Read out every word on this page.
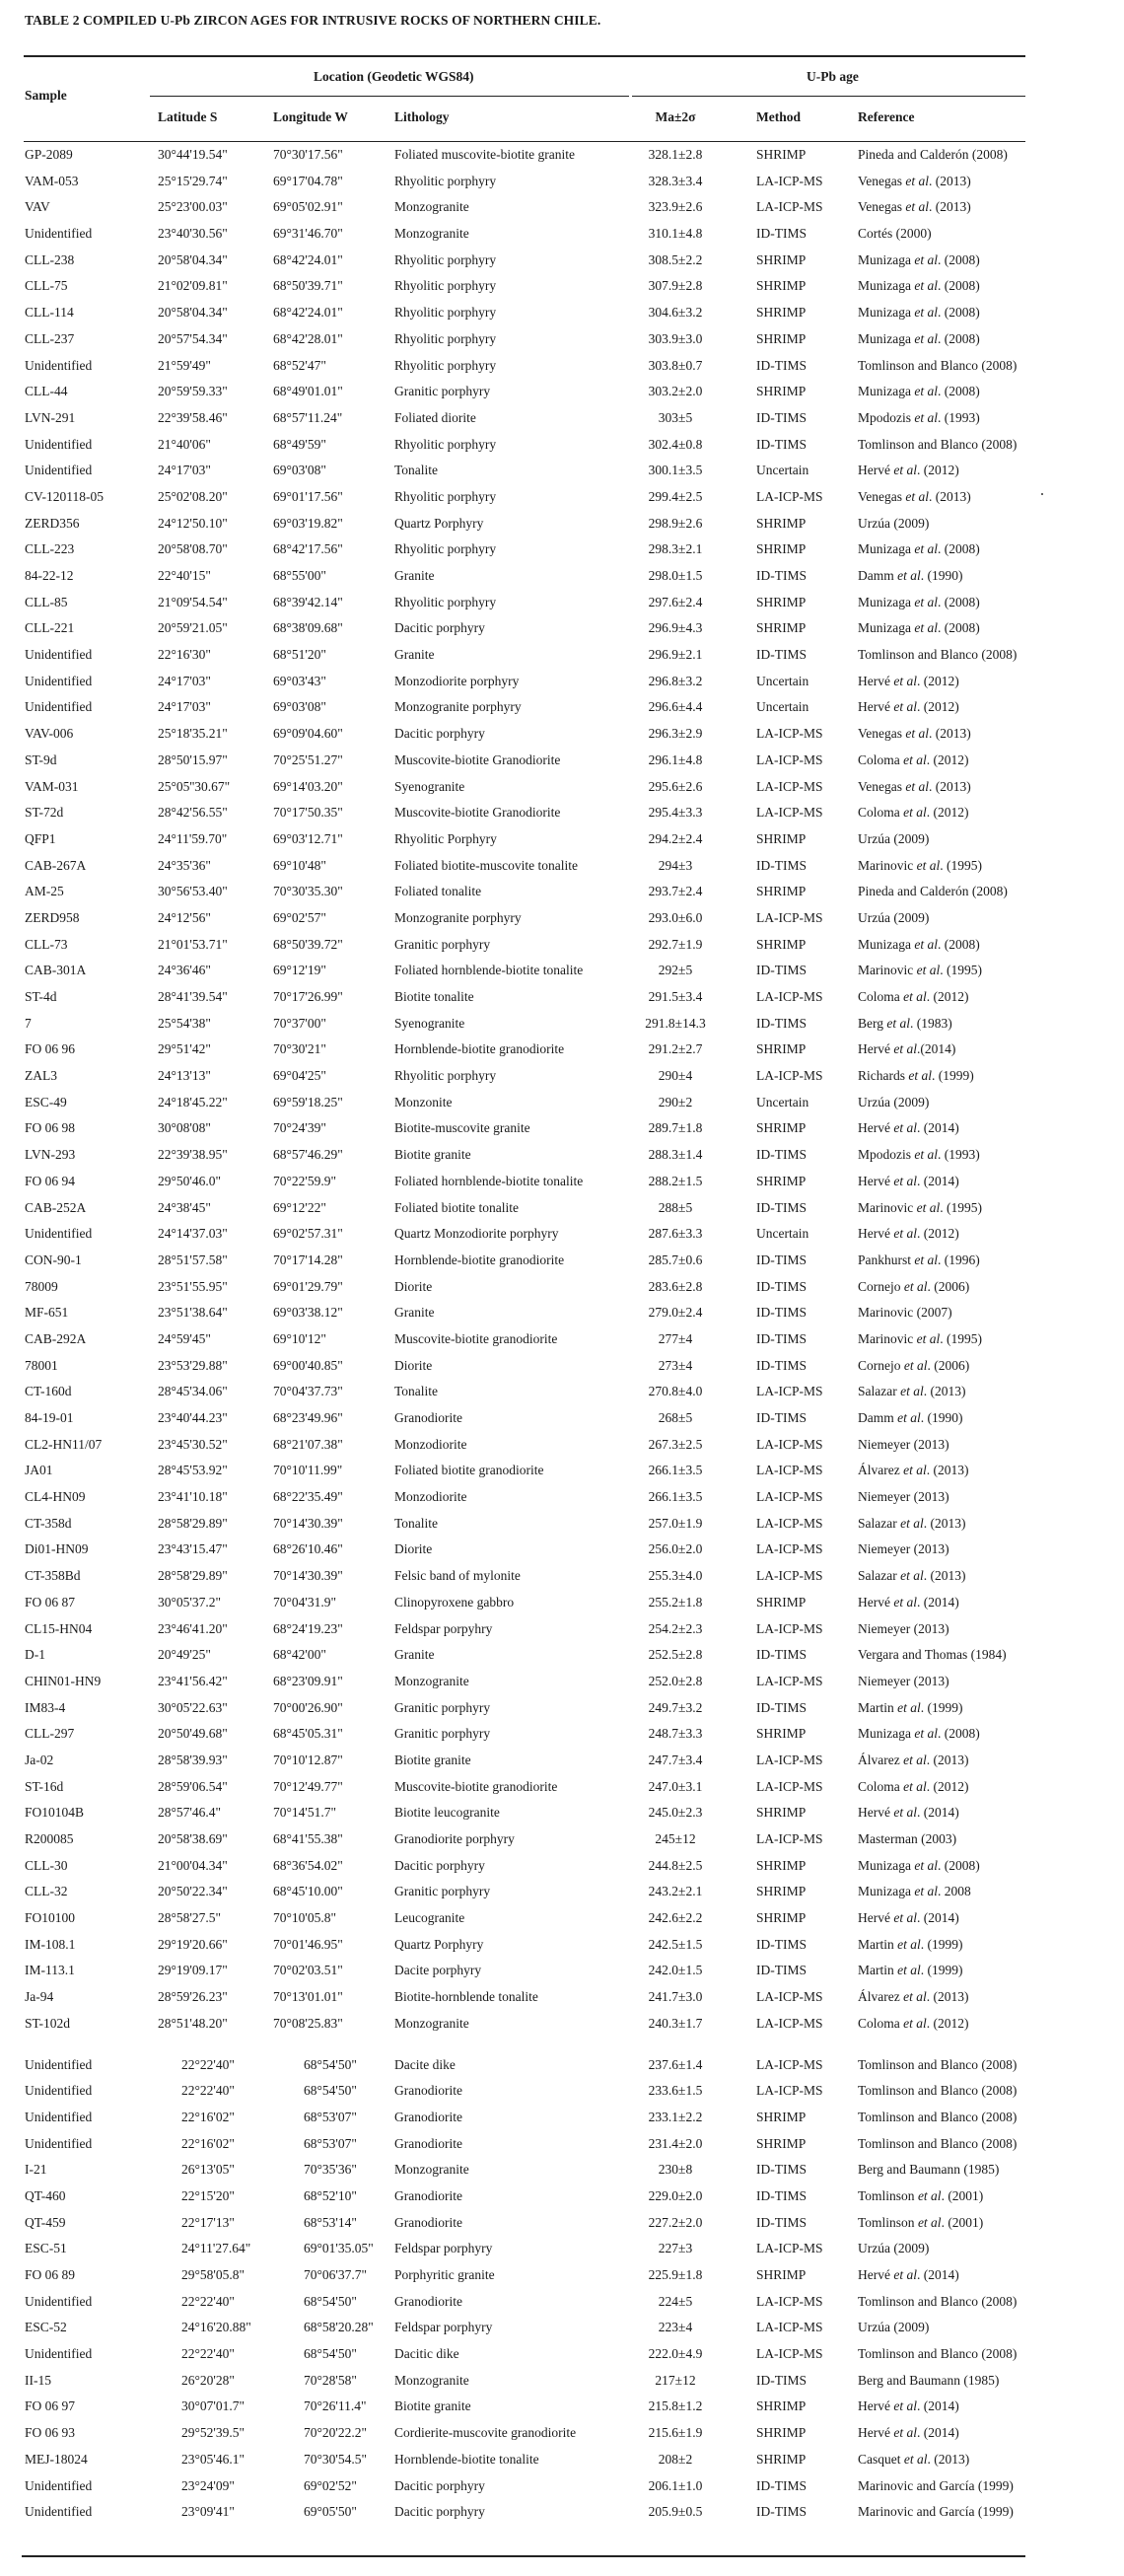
TABLE 2 COMPILED U-Pb ZIRCON AGES FOR INTRUSIVE ROCKS OF NORTHERN CHILE.
Sample
Location (Geodetic WGS84)	U-Pb age
Latitude S	Longitude W	Lithology	Ma±2σ	Method	Reference
GP-2089	30°44'19.54"	70°30'17.56"	Foliated muscovite-biotite granite	328.1±2.8	SHRIMP	Pineda and Calderón (2008)
VAM-053	25°15'29.74"	69°17'04.78"	Rhyolitic porphyry	328.3±3.4	LA-ICP-MS	Venegas et al. (2013)
VAV	25°23'00.03"	69°05'02.91"	Monzogranite	323.9±2.6	LA-ICP-MS	Venegas et al. (2013)
Unidentified	23°40'30.56"	69°31'46.70"	Monzogranite	310.1±4.8	ID-TIMS	Cortés (2000)
CLL-238	20°58'04.34"	68°42'24.01"	Rhyolitic porphyry	308.5±2.2	SHRIMP	Munizaga et al. (2008)
CLL-75	21°02'09.81"	68°50'39.71"	Rhyolitic porphyry	307.9±2.8	SHRIMP	Munizaga et al. (2008)
CLL-114	20°58'04.34"	68°42'24.01"	Rhyolitic porphyry	304.6±3.2	SHRIMP	Munizaga et al. (2008)
CLL-237	20°57'54.34"	68°42'28.01"	Rhyolitic porphyry	303.9±3.0	SHRIMP	Munizaga et al. (2008)
Unidentified	21°59'49"	68°52'47"	Rhyolitic porphyry	303.8±0.7	ID-TIMS	Tomlinson and Blanco (2008)
CLL-44	20°59'59.33"	68°49'01.01"	Granitic porphyry	303.2±2.0	SHRIMP	Munizaga et al. (2008)
LVN-291	22°39'58.46"	68°57'11.24"	Foliated diorite	303±5	ID-TIMS	Mpodozis et al. (1993)
Unidentified	21°40'06"	68°49'59"	Rhyolitic porphyry	302.4±0.8	ID-TIMS	Tomlinson and Blanco (2008)
Unidentified	24°17'03"	69°03'08"	Tonalite	300.1±3.5	Uncertain	Hervé et al. (2012)
CV-120118-05	25°02'08.20"	69°01'17.56"	Rhyolitic porphyry	299.4±2.5	LA-ICP-MS	Venegas et al. (2013)
ZERD356	24°12'50.10"	69°03'19.82"	Quartz Porphyry	298.9±2.6	SHRIMP	Urzúa (2009)
CLL-223	20°58'08.70"	68°42'17.56"	Rhyolitic porphyry	298.3±2.1	SHRIMP	Munizaga et al. (2008)
84-22-12	22°40'15"	68°55'00"	Granite	298.0±1.5	ID-TIMS	Damm et al. (1990)
CLL-85	21°09'54.54"	68°39'42.14"	Rhyolitic porphyry	297.6±2.4	SHRIMP	Munizaga et al. (2008)
CLL-221	20°59'21.05"	68°38'09.68"	Dacitic porphyry	296.9±4.3	SHRIMP	Munizaga et al. (2008)
Unidentified	22°16'30"	68°51'20"	Granite	296.9±2.1	ID-TIMS	Tomlinson and Blanco (2008)
Unidentified	24°17'03"	69°03'43"	Monzodiorite porphyry	296.8±3.2	Uncertain	Hervé et al. (2012)
Unidentified	24°17'03"	69°03'08"	Monzogranite porphyry	296.6±4.4	Uncertain	Hervé et al. (2012)
VAV-006	25°18'35.21"	69°09'04.60"	Dacitic porphyry	296.3±2.9	LA-ICP-MS	Venegas et al. (2013)
ST-9d	28°50'15.97"	70°25'51.27"	Muscovite-biotite Granodiorite	296.1±4.8	LA-ICP-MS	Coloma et al. (2012)
VAM-031	25°05''30.67"	69°14'03.20"	Syenogranite	295.6±2.6	LA-ICP-MS	Venegas et al. (2013)
ST-72d	28°42'56.55"	70°17'50.35"	Muscovite-biotite Granodiorite	295.4±3.3	LA-ICP-MS	Coloma et al. (2012)
QFP1	24°11'59.70"	69°03'12.71"	Rhyolitic Porphyry	294.2±2.4	SHRIMP	Urzúa (2009)
CAB-267A	24°35'36"	69°10'48"	Foliated biotite-muscovite tonalite	294±3	ID-TIMS	Marinovic et al. (1995)
AM-25	30°56'53.40"	70°30'35.30"	Foliated tonalite	293.7±2.4	SHRIMP	Pineda and Calderón (2008)
ZERD958	24°12'56"	69°02'57"	Monzogranite porphyry	293.0±6.0	LA-ICP-MS	Urzúa (2009)
CLL-73	21°01'53.71"	68°50'39.72"	Granitic porphyry	292.7±1.9	SHRIMP	Munizaga et al. (2008)
CAB-301A	24°36'46"	69°12'19"	Foliated hornblende-biotite tonalite	292±5	ID-TIMS	Marinovic et al. (1995)
ST-4d	28°41'39.54"	70°17'26.99"	Biotite tonalite	291.5±3.4	LA-ICP-MS	Coloma et al. (2012)
7	25°54'38"	70°37'00"	Syenogranite	291.8±14.3	ID-TIMS	Berg et al. (1983)
FO 06 96	29°51'42"	70°30'21"	Hornblende-biotite granodiorite	291.2±2.7	SHRIMP	Hervé et al.(2014)
ZAL3	24°13'13"	69°04'25"	Rhyolitic porphyry	290±4	LA-ICP-MS	Richards et al. (1999)
ESC-49	24°18'45.22"	69°59'18.25"	Monzonite	290±2	Uncertain	Urzúa (2009)
FO 06 98	30°08'08"	70°24'39"	Biotite-muscovite granite	289.7±1.8	SHRIMP	Hervé et al. (2014)
LVN-293	22°39'38.95"	68°57'46.29"	Biotite granite	288.3±1.4	ID-TIMS	Mpodozis et al. (1993)
FO 06 94	29°50'46.0"	70°22'59.9"	Foliated hornblende-biotite tonalite	288.2±1.5	SHRIMP	Hervé et al. (2014)
CAB-252A	24°38'45"	69°12'22"	Foliated biotite tonalite	288±5	ID-TIMS	Marinovic et al. (1995)
Unidentified	24°14'37.03"	69°02'57.31"	Quartz Monzodiorite porphyry	287.6±3.3	Uncertain	Hervé et al. (2012)
CON-90-1	28°51'57.58"	70°17'14.28"	Hornblende-biotite granodiorite	285.7±0.6	ID-TIMS	Pankhurst et al. (1996)
78009	23°51'55.95"	69°01'29.79"	Diorite	283.6±2.8	ID-TIMS	Cornejo et al. (2006)
MF-651	23°51'38.64"	69°03'38.12"	Granite	279.0±2.4	ID-TIMS	Marinovic (2007)
CAB-292A	24°59'45"	69°10'12"	Muscovite-biotite granodiorite	277±4	ID-TIMS	Marinovic et al. (1995)
78001	23°53'29.88"	69°00'40.85"	Diorite	273±4	ID-TIMS	Cornejo et al. (2006)
CT-160d	28°45'34.06"	70°04'37.73"	Tonalite	270.8±4.0	LA-ICP-MS	Salazar et al. (2013)
84-19-01	23°40'44.23"	68°23'49.96"	Granodiorite	268±5	ID-TIMS	Damm et al. (1990)
CL2-HN11/07	23°45'30.52"	68°21'07.38"	Monzodiorite	267.3±2.5	LA-ICP-MS	Niemeyer (2013)
JA01	28°45'53.92"	70°10'11.99"	Foliated biotite granodiorite	266.1±3.5	LA-ICP-MS	Álvarez et al. (2013)
CL4-HN09	23°41'10.18"	68°22'35.49"	Monzodiorite	266.1±3.5	LA-ICP-MS	Niemeyer (2013)
CT-358d	28°58'29.89"	70°14'30.39"	Tonalite	257.0±1.9	LA-ICP-MS	Salazar et al. (2013)
Di01-HN09	23°43'15.47"	68°26'10.46"	Diorite	256.0±2.0	LA-ICP-MS	Niemeyer (2013)
CT-358Bd	28°58'29.89"	70°14'30.39"	Felsic band of mylonite	255.3±4.0	LA-ICP-MS	Salazar et al. (2013)
FO 06 87	30°05'37.2"	70°04'31.9"	Clinopyroxene gabbro	255.2±1.8	SHRIMP	Hervé et al. (2014)
CL15-HN04	23°46'41.20"	68°24'19.23"	Feldspar porpyhry	254.2±2.3	LA-ICP-MS	Niemeyer (2013)
D-1	20°49'25"	68°42'00"	Granite	252.5±2.8	ID-TIMS	Vergara and Thomas (1984)
CHIN01-HN9	23°41'56.42"	68°23'09.91"	Monzogranite	252.0±2.8	LA-ICP-MS	Niemeyer (2013)
IM83-4	30°05'22.63"	70°00'26.90"	Granitic porphyry	249.7±3.2	ID-TIMS	Martin et al. (1999)
CLL-297	20°50'49.68"	68°45'05.31"	Granitic porphyry	248.7±3.3	SHRIMP	Munizaga et al. (2008)
Ja-02	28°58'39.93"	70°10'12.87"	Biotite granite	247.7±3.4	LA-ICP-MS	Álvarez et al. (2013)
ST-16d	28°59'06.54"	70°12'49.77"	Muscovite-biotite granodiorite	247.0±3.1	LA-ICP-MS	Coloma et al. (2012)
FO10104B	28°57'46.4"	70°14'51.7"	Biotite leucogranite	245.0±2.3	SHRIMP	Hervé et al. (2014)
R200085	20°58'38.69"	68°41'55.38"	Granodiorite porphyry	245±12	LA-ICP-MS	Masterman (2003)
CLL-30	21°00'04.34"	68°36'54.02"	Dacitic porphyry	244.8±2.5	SHRIMP	Munizaga et al. (2008)
CLL-32	20°50'22.34"	68°45'10.00"	Granitic porphyry	243.2±2.1	SHRIMP	Munizaga et al. 2008
FO10100	28°58'27.5"	70°10'05.8"	Leucogranite	242.6±2.2	SHRIMP	Hervé et al. (2014)
IM-108.1	29°19'20.66"	70°01'46.95"	Quartz Porphyry	242.5±1.5	ID-TIMS	Martin et al. (1999)
IM-113.1	29°19'09.17"	70°02'03.51"	Dacite porphyry	242.0±1.5	ID-TIMS	Martin et al. (1999)
Ja-94	28°59'26.23"	70°13'01.01"	Biotite-hornblende tonalite	241.7±3.0	LA-ICP-MS	Álvarez et al. (2013)
ST-102d	28°51'48.20"	70°08'25.83"	Monzogranite	240.3±1.7	LA-ICP-MS	Coloma et al. (2012)
Unidentified	22°22'40"	68°54'50"	Dacite dike	237.6±1.4	LA-ICP-MS	Tomlinson and Blanco (2008)
Unidentified	22°22'40"	68°54'50"	Granodiorite	233.6±1.5	LA-ICP-MS	Tomlinson and Blanco (2008)
Unidentified	22°16'02"	68°53'07"	Granodiorite	233.1±2.2	SHRIMP	Tomlinson and Blanco (2008)
Unidentified	22°16'02"	68°53'07"	Granodiorite	231.4±2.0	SHRIMP	Tomlinson and Blanco (2008)
I-21	26°13'05"	70°35'36"	Monzogranite	230±8	ID-TIMS	Berg and Baumann (1985)
QT-460	22°15'20"	68°52'10"	Granodiorite	229.0±2.0	ID-TIMS	Tomlinson et al. (2001)
QT-459	22°17'13"	68°53'14"	Granodiorite	227.2±2.0	ID-TIMS	Tomlinson et al. (2001)
ESC-51	24°11'27.64"	69°01'35.05" Feldspar porphyry	227±3	LA-ICP-MS	Urzúa (2009)
FO 06 89	29°58'05.8"	70°06'37.7" Porphyritic granite	225.9±1.8	SHRIMP	Hervé et al. (2014)
Unidentified	22°22'40"	68°54'50"	Granodiorite	224±5	LA-ICP-MS	Tomlinson and Blanco (2008)
ESC-52	24°16'20.88"	68°58'20.28" Feldspar porphyry	223±4	LA-ICP-MS	Urzúa (2009)
Unidentified	22°22'40"	68°54'50"	Dacitic dike	222.0±4.9	LA-ICP-MS	Tomlinson and Blanco (2008)
II-15	26°20'28"	70°28'58"	Monzogranite	217±12	ID-TIMS	Berg and Baumann (1985)
FO 06 97	30°07'01.7"	70°26'11.4" Biotite granite	215.8±1.2	SHRIMP	Hervé et al. (2014)
FO 06 93	29°52'39.5"	70°20'22.2" Cordierite-muscovite granodiorite	215.6±1.9	SHRIMP	Hervé et al. (2014)
MEJ-18024	23°05'46.1"	70°30'54.5" Hornblende-biotite tonalite	208±2	SHRIMP	Casquet et al. (2013)
Unidentified	23°24'09"	69°02'52"	Dacitic porphyry	206.1±1.0	ID-TIMS	Marinovic and García (1999)
Unidentified	23°09'41"	69°05'50"	Dacitic porphyry	205.9±0.5	ID-TIMS	Marinovic and García (1999)
